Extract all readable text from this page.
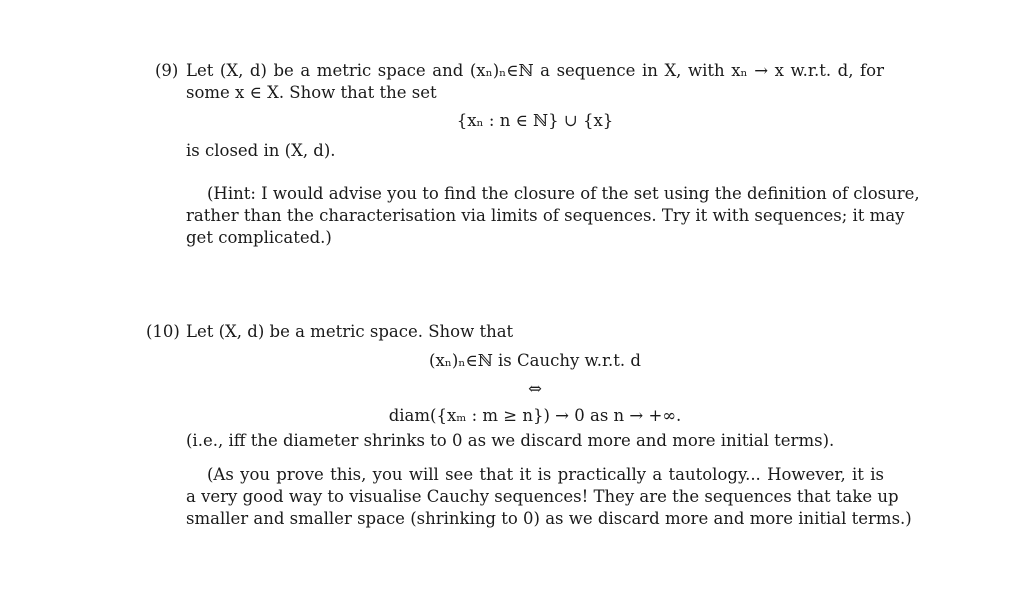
(9) Let (X, d) be a metric space and (xₙ)ₙ∈ℕ a sequence in X, with xₙ → x w.r.t. d, for
some x ∈ X. Show that the set
{xₙ : n ∈ ℕ} ∪ {x}
is closed in (X, d).
(Hint: I would advise you to find the closure of the set using the definition of closure,
rather than the characterisation via limits of sequences. Try it with sequences; it may
get complicated.)
(10) Let (X, d) be a metric space. Show that
(xₙ)ₙ∈ℕ is Cauchy w.r.t. d
⇔
diam({xₘ : m ≥ n}) → 0 as n → +∞.
(i.e., iff the diameter shrinks to 0 as we discard more and more initial terms).
(As you prove this, you will see that it is practically a tautology... However, it is
a very good way to visualise Cauchy sequences! They are the sequences that take up
smaller and smaller space (shrinking to 0) as we discard more and more initial terms.)
